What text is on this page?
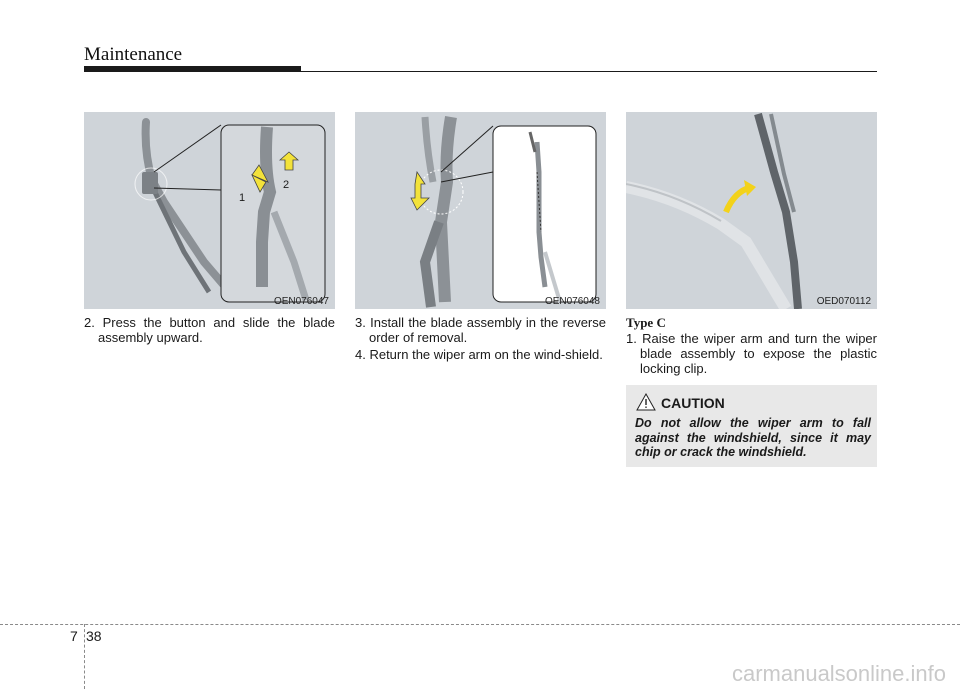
Maintenance
1
2
OEN076047	OEN076048	OED070112

2. Press the button and slide the blade assembly upward.

3. Install the blade assembly in the reverse order of removal.

4. Return the wiper arm on the wind-shield.

Type C

1. Raise the wiper arm and turn the wiper blade assembly to expose the plastic locking clip.

CAUTION
Do not allow the wiper arm to fall against the windshield, since it may chip or crack the windshield.
7 38
carmanualsonline.info
